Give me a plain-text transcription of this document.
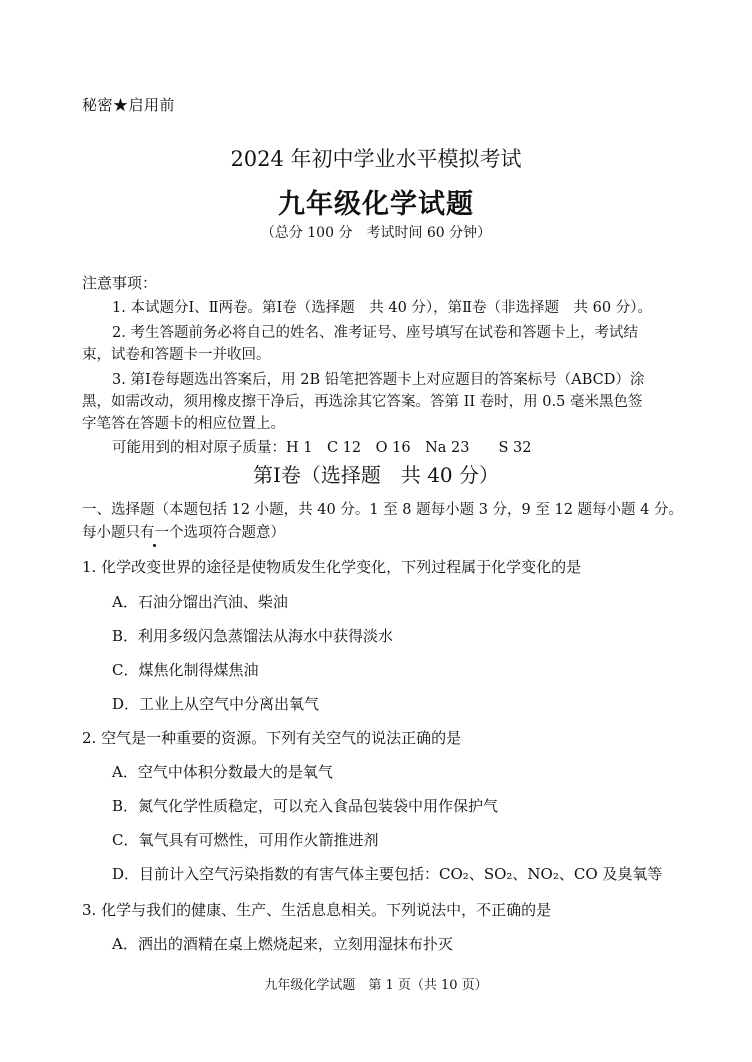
秘密★启用前
2024 年初中学业水平模拟考试
九年级化学试题
（总分 100 分　考试时间 60 分钟）
注意事项：
1. 本试题分Ⅰ、Ⅱ两卷。第Ⅰ卷（选择题　共 40 分），第Ⅱ卷（非选择题　共 60 分）。
2. 考生答题前务必将自己的姓名、准考证号、座号填写在试卷和答题卡上，考试结
束，试卷和答题卡一并收回。
3. 第Ⅰ卷每题选出答案后，用 2B 铅笔把答题卡上对应题目的答案标号（ABCD）涂
黑，如需改动，须用橡皮擦干净后，再选涂其它答案。答第 II 卷时，用 0.5 毫米黑色签
字笔答在答题卡的相应位置上。
可能用到的相对原子质量：H 1　C 12　O 16　Na 23　　S 32
第Ⅰ卷（选择题　共 40 分）
一、选择题（本题包括 12 小题，共 40 分。1 至 8 题每小题 3 分，9 至 12 题每小题 4 分。
每小题只有一个选项符合题意）
1. 化学改变世界的途径是使物质发生化学变化，下列过程属于化学变化的是
A．石油分馏出汽油、柴油
B．利用多级闪急蒸馏法从海水中获得淡水
C．煤焦化制得煤焦油
D．工业上从空气中分离出氧气
2. 空气是一种重要的资源。下列有关空气的说法正确的是
A．空气中体积分数最大的是氧气
B．氮气化学性质稳定，可以充入食品包装袋中用作保护气
C．氧气具有可燃性，可用作火箭推进剂
D．目前计入空气污染指数的有害气体主要包括：CO₂、SO₂、NO₂、CO 及臭氧等
3. 化学与我们的健康、生产、生活息息相关。下列说法中，不正确的是
A．洒出的酒精在桌上燃烧起来，立刻用湿抹布扑灭
九年级化学试题　第 1 页（共 10 页）
